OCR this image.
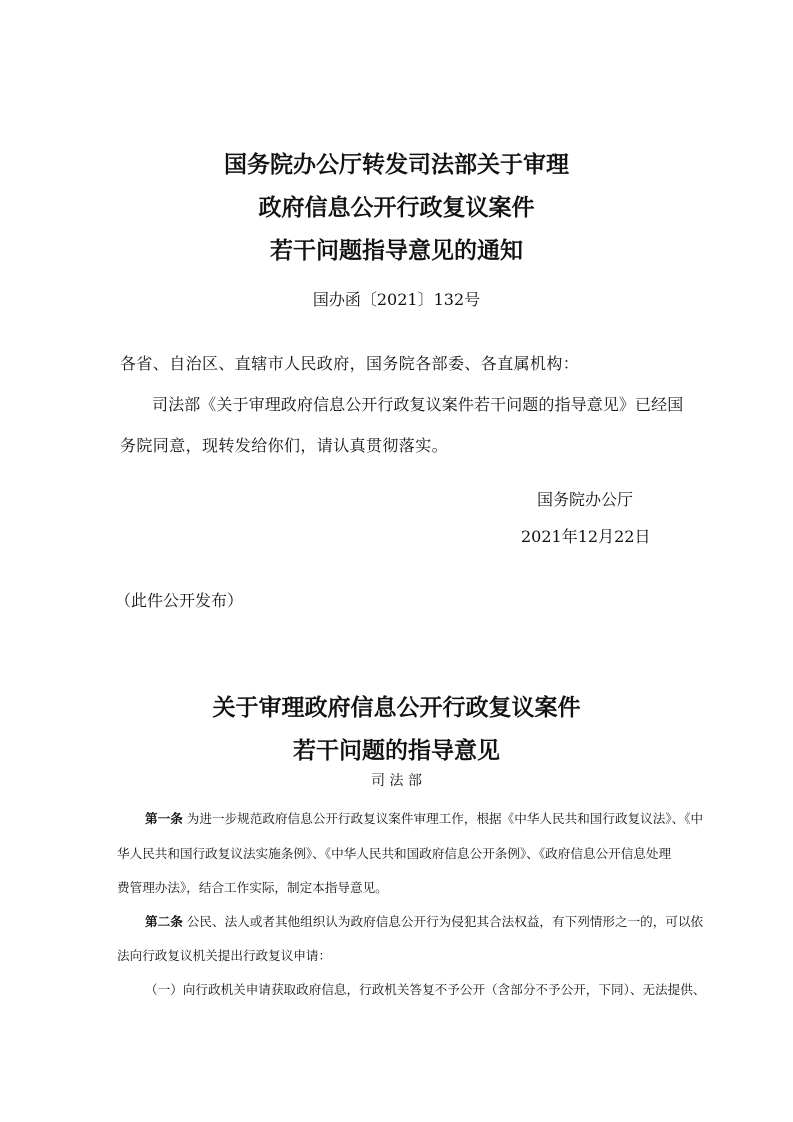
国务院办公厅转发司法部关于审理
政府信息公开行政复议案件
若干问题指导意见的通知
国办函〔2021〕132号
各省、自治区、直辖市人民政府，国务院各部委、各直属机构：
司法部《关于审理政府信息公开行政复议案件若干问题的指导意见》已经国
务院同意，现转发给你们，请认真贯彻落实。
国务院办公厅
2021年12月22日
（此件公开发布）
关于审理政府信息公开行政复议案件
若干问题的指导意见
司 法 部
第一条 为进一步规范政府信息公开行政复议案件审理工作，根据《中华人民共和国行政复议法》、《中
华人民共和国行政复议法实施条例》、《中华人民共和国政府信息公开条例》、《政府信息公开信息处理
费管理办法》，结合工作实际，制定本指导意见。
第二条 公民、法人或者其他组织认为政府信息公开行为侵犯其合法权益，有下列情形之一的，可以依
法向行政复议机关提出行政复议申请：
（一）向行政机关申请获取政府信息，行政机关答复不予公开（含部分不予公开，下同）、无法提供、
